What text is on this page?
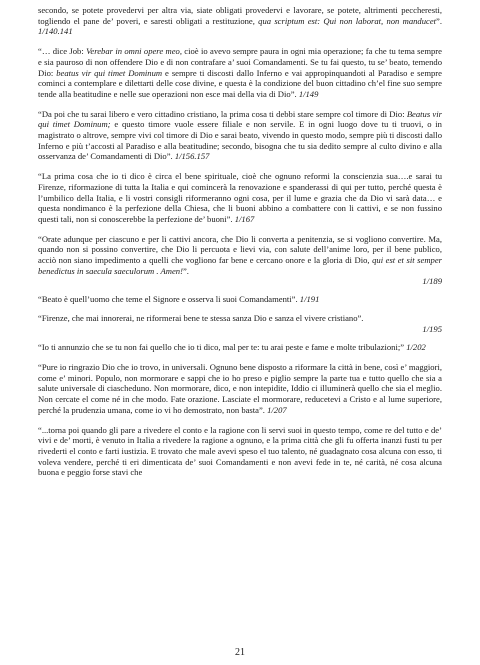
secondo, se potete provedervi per altra via, siate obligati provedervi e lavorare, se potete, altrimenti peccheresti, togliendo el pane de’ poveri, e saresti obligati a restituzione, qua scriptum est: Qui non laborat, non manducet”. 1/140.141

“… dice Job: Verebar in omni opere meo, cioè io avevo sempre paura in ogni mia operazione; fa che tu tema sempre e sia pauroso di non offendere Dio e di non contrafare a’ suoi Comandamenti. Se tu fai questo, tu se’ beato, temendo Dio: beatus vir qui timet Dominum e sempre ti discosti dallo Inferno e vai appropinquandoti al Paradiso e sempre cominci a contemplare e dilettarti delle cose divine, e questa è la condizione del buon cittadino ch’el fine suo sempre tende alla beatitudine e nelle sue operazioni non esce mai della via di Dio”. 1/149

“Da poi che tu sarai libero e vero cittadino cristiano, la prima cosa ti debbi stare sempre col timore di Dio: Beatus vir qui timet Dominum; e questo timore vuole essere filiale e non servile. E in ogni luogo dove tu ti truovi, o in magistrato o altrove, sempre vivi col timore di Dio e sarai beato, vivendo in questo modo, sempre più ti discosti dallo Inferno e più t’accosti al Paradiso e alla beatitudine; secondo, bisogna che tu sia dedito sempre al culto divino e alla osservanza de’ Comandamenti di Dio”. 1/156.157

“La prima cosa che io ti dico è circa el bene spirituale, cioè che ognuno reformi la conscienzia sua….e sarai tu Firenze, riformazione di tutta la Italia e qui comincerà la renovazione e spanderassi di qui per tutto, perché questa è l’umbilico della Italia, e li vostri consigli riformeranno ogni cosa, per il lume e grazia che da Dio vi sarà data… e questa nondimanco è la perfezione della Chiesa, che li buoni abbino a combattere con li cattivi, e se non fussino questi tali, non si conoscerebbe la perfezione de’ buoni”. 1/167

“Orate adunque per ciascuno e per li cattivi ancora, che Dio li converta a penitenzia, se si vogliono convertire. Ma, quando non si possino convertire, che Dio li percuota e lievi via, con salute dell’anime loro, per il bene publico, acciò non siano impedimento a quelli che vogliono far bene e cercano onore e la gloria di Dio, qui est et sit semper benedictus in saecula saeculorum . Amen!”.

1/189

“Beato è quell’uomo che teme el Signore e osserva li suoi Comandamenti”. 1/191

“Firenze, che mai innorerai, ne riformerai bene te stessa sanza Dio e sanza el vivere cristiano”.

1/195

“Io ti annunzio che se tu non fai quello che io ti dico, mal per te: tu arai peste e fame e molte tribulazioni;” 1/202

“Pure io ringrazio Dio che io trovo, in universali. Ognuno bene disposto a riformare la città in bene, così e’ maggiori, come e’ minori. Populo, non mormorare e sappi che io ho preso e piglio sempre la parte tua e tutto quello che sia a salute universale di ciascheduno. Non mormorare, dico, e non intepidite, Iddio ci illuminerà quello che sia el meglio. Non cercate el come né in che modo. Fate orazione. Lasciate el mormorare, reducetevi a Cristo e al lume superiore, perché la prudenzia umana, come io vi ho demostrato, non basta”. 1/207

“...torna poi quando gli pare a rivedere el conto e la ragione con li servi suoi in questo tempo, come re del tutto e de’ vivi e de’ morti, è venuto in Italia a rivedere la ragione a ognuno, e la prima città che gli fu offerta inanzi fusti tu per rivederti el conto e farti iustizia. E trovato che male avevi speso el tuo talento, né guadagnato cosa alcuna con esso, ti voleva vendere, perché ti eri dimenticata de’ suoi Comandamenti e non avevi fede in te, né carità, né cosa alcuna buona e peggio forse stavi che

21
